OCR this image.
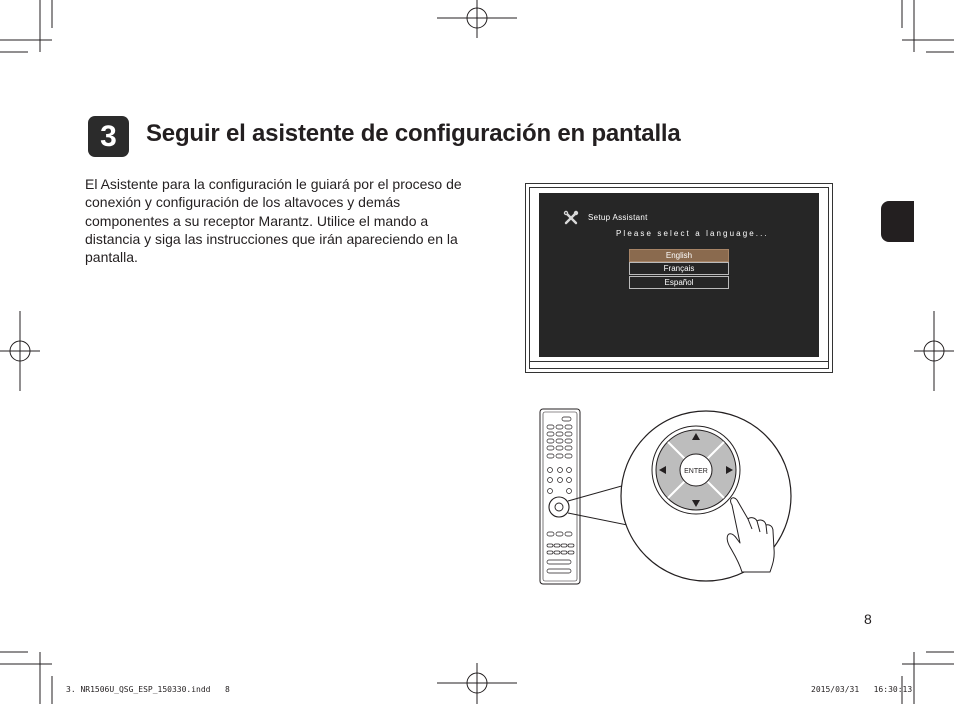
3	Seguir el asistente de configuración en pantalla
El Asistente para la configuración le guiará por el proceso de conexión y configuración de los altavoces y demás componentes a su receptor Marantz. Utilice el mando a distancia y siga las instrucciones que irán apareciendo en la pantalla.
Setup Assistant
Please select a language...
English
Français
Español
ENTER
8
3. NR1506U_QSG_ESP_150330.indd   8	2015/03/31   16:30:13
